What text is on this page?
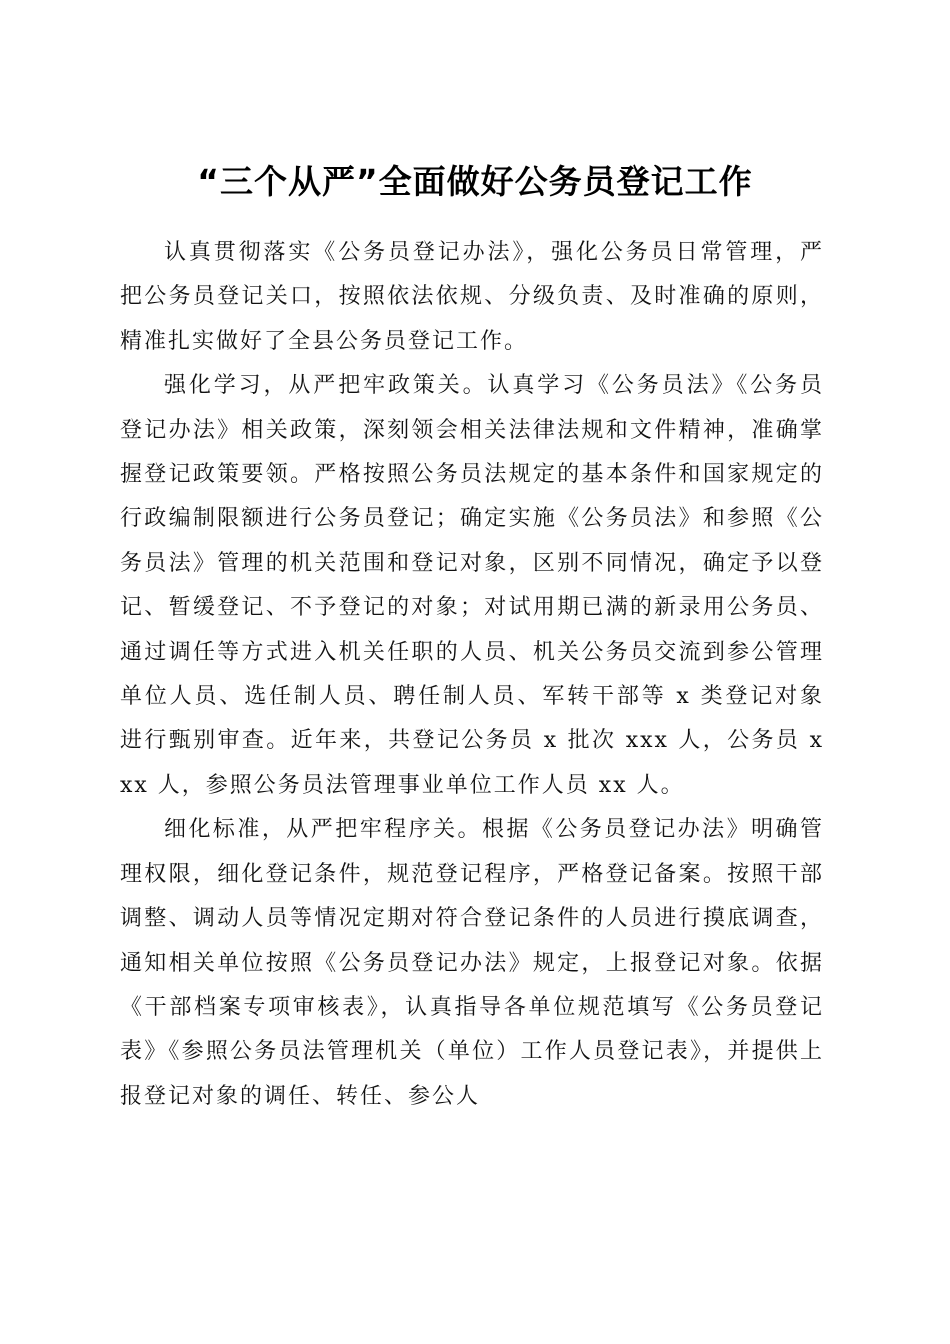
“三个从严”全面做好公务员登记工作

认真贯彻落实《公务员登记办法》，强化公务员日常管理，严把公务员登记关口，按照依法依规、分级负责、及时准确的原则，精准扎实做好了全县公务员登记工作。

强化学习，从严把牢政策关。认真学习《公务员法》《公务员登记办法》相关政策，深刻领会相关法律法规和文件精神，准确掌握登记政策要领。严格按照公务员法规定的基本条件和国家规定的行政编制限额进行公务员登记；确定实施《公务员法》和参照《公务员法》管理的机关范围和登记对象，区别不同情况，确定予以登记、暂缓登记、不予登记的对象；对试用期已满的新录用公务员、通过调任等方式进入机关任职的人员、机关公务员交流到参公管理单位人员、选任制人员、聘任制人员、军转干部等 x 类登记对象进行甄别审查。近年来，共登记公务员 x 批次 xxx 人，公务员 xxx 人，参照公务员法管理事业单位工作人员 xx 人。

细化标准，从严把牢程序关。根据《公务员登记办法》明确管理权限，细化登记条件，规范登记程序，严格登记备案。按照干部调整、调动人员等情况定期对符合登记条件的人员进行摸底调查，通知相关单位按照《公务员登记办法》规定，上报登记对象。依据《干部档案专项审核表》，认真指导各单位规范填写《公务员登记表》《参照公务员法管理机关（单位）工作人员登记表》，并提供上报登记对象的调任、转任、参公人
